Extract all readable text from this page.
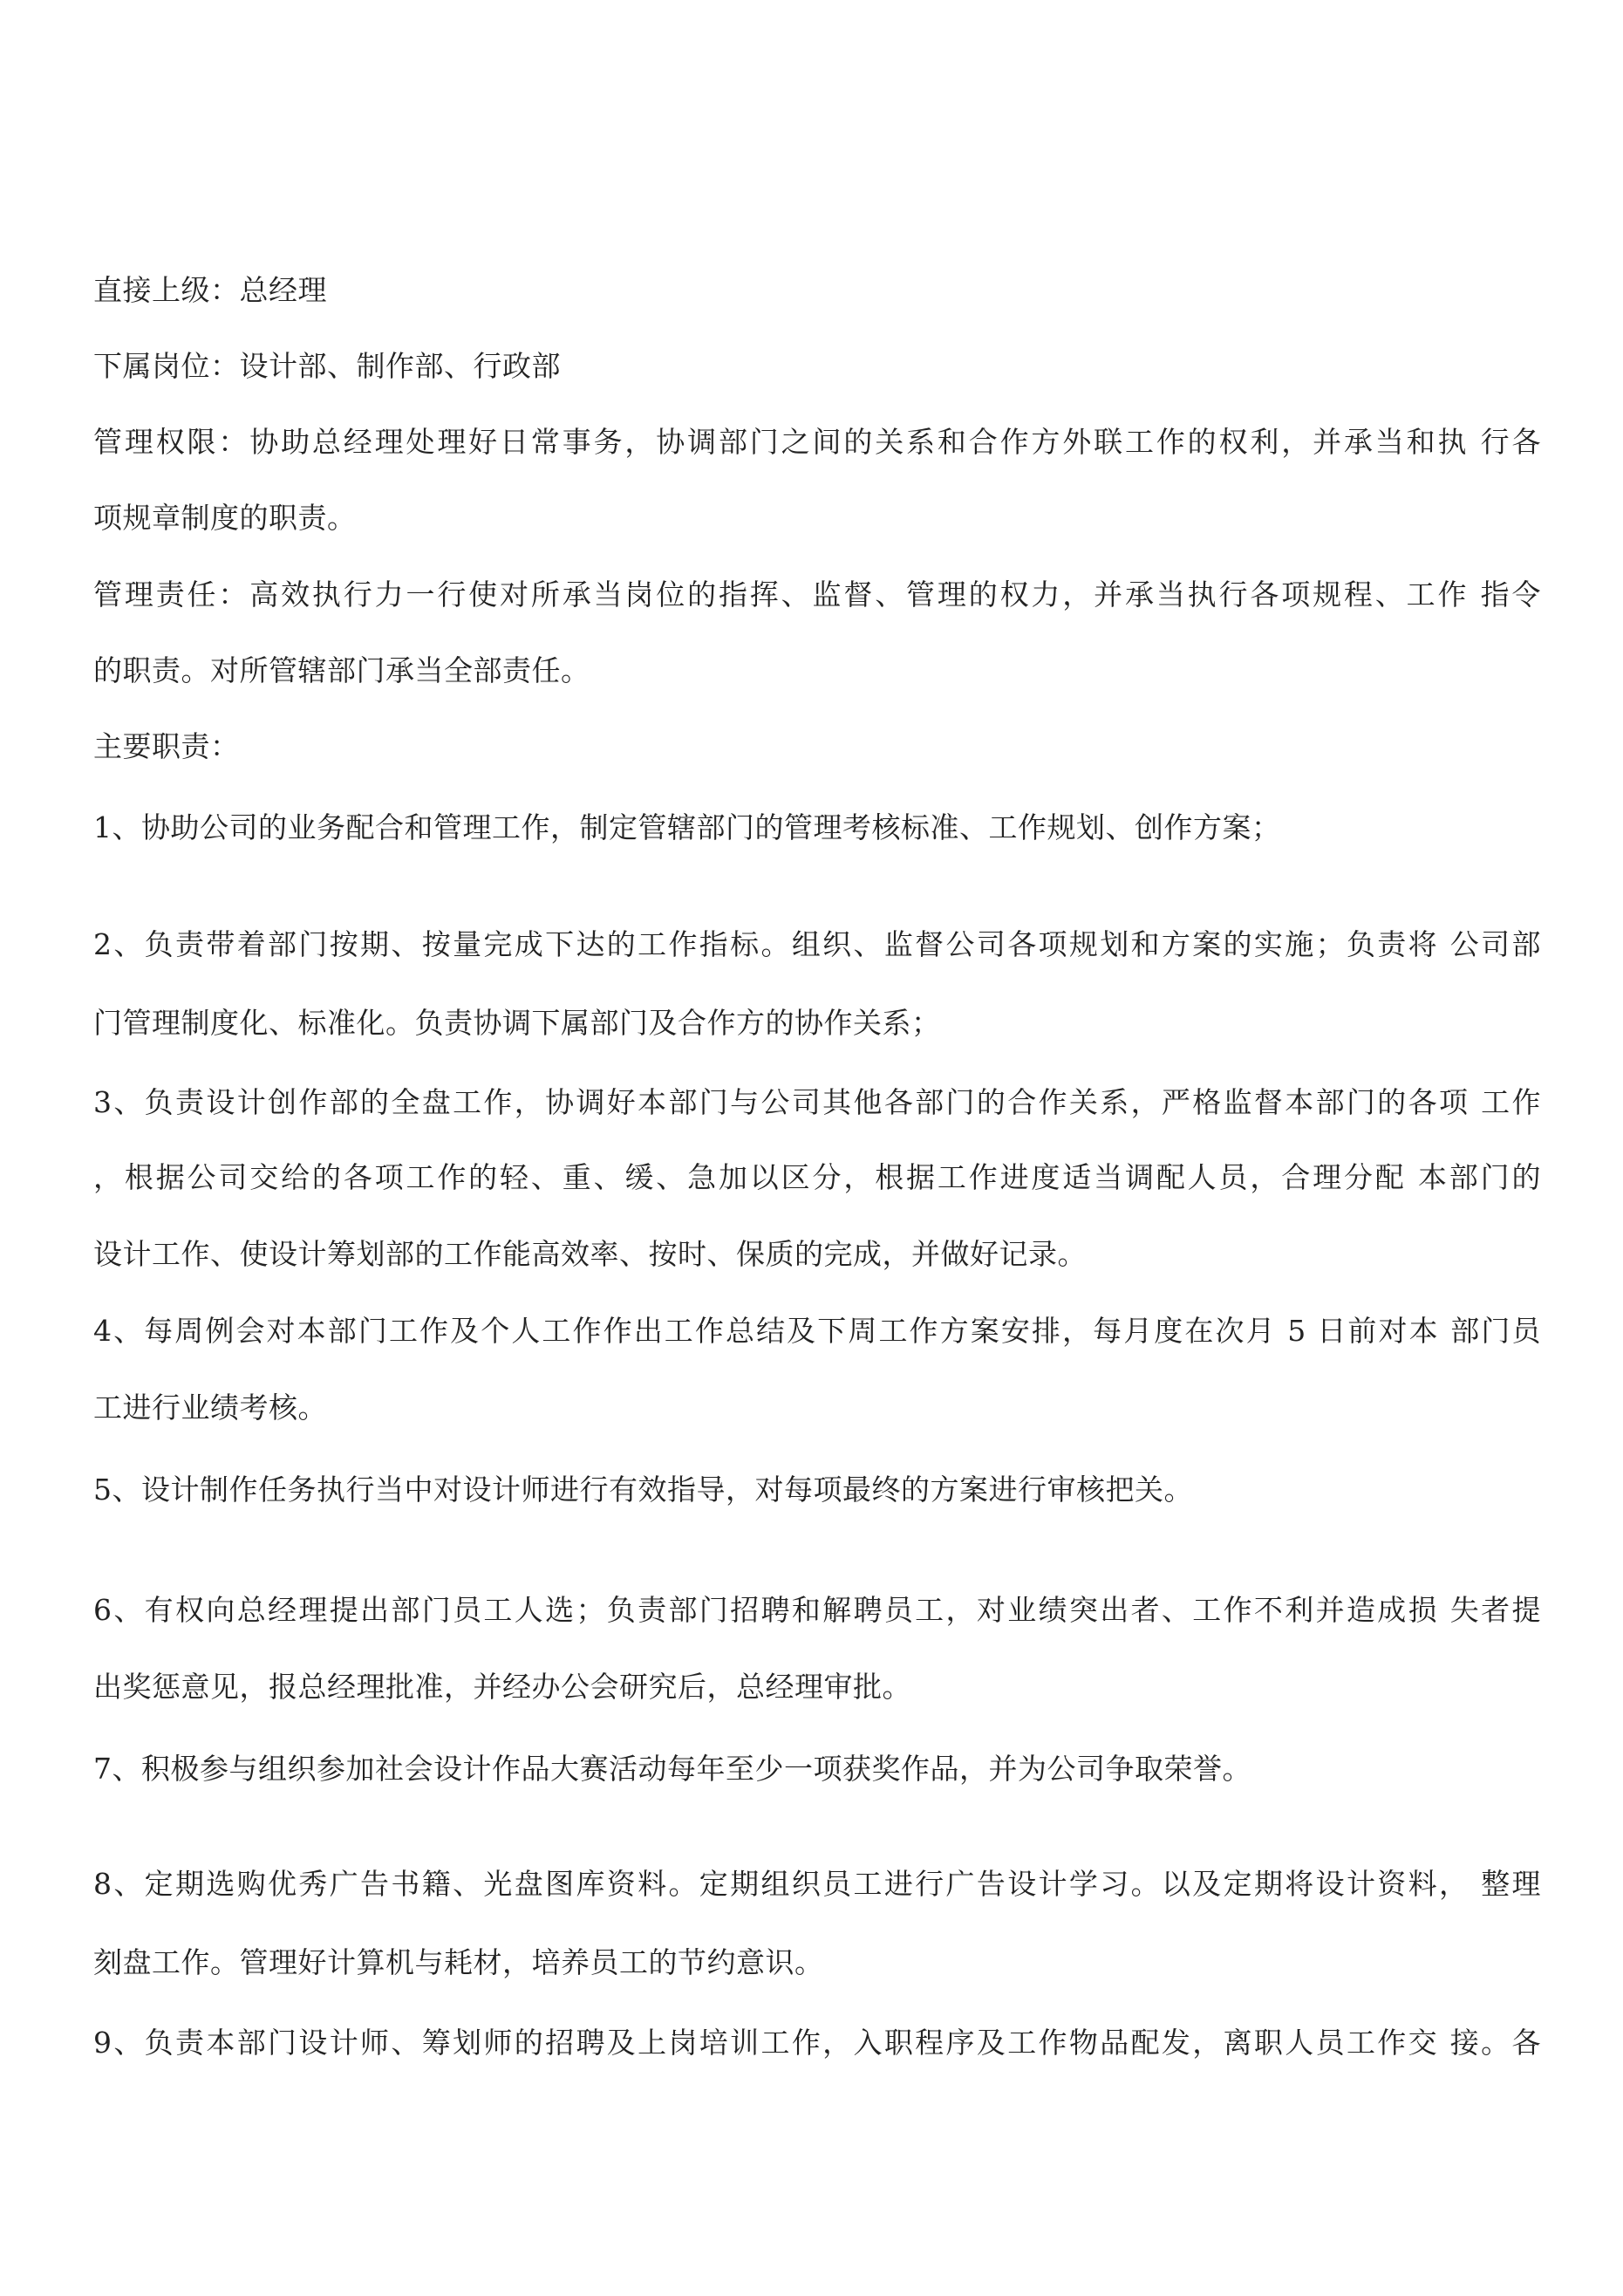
直接上级：总经理
下属岗位：设计部、制作部、行政部
管理权限：协助总经理处理好日常事务，协调部门之间的关系和合作方外联工作的权利，并承当和执 行各
项规章制度的职责。
管理责任：高效执行力一行使对所承当岗位的指挥、监督、管理的权力，并承当执行各项规程、工作 指令
的职责。对所管辖部门承当全部责任。
主要职责：
1、协助公司的业务配合和管理工作，制定管辖部门的管理考核标准、工作规划、创作方案；
2、负责带着部门按期、按量完成下达的工作指标。组织、监督公司各项规划和方案的实施；负责将 公司部
门管理制度化、标准化。负责协调下属部门及合作方的协作关系；
3、负责设计创作部的全盘工作，协调好本部门与公司其他各部门的合作关系，严格监督本部门的各项 工作
，根据公司交给的各项工作的轻、重、缓、急加以区分，根据工作进度适当调配人员，合理分配 本部门的
设计工作、使设计筹划部的工作能高效率、按时、保质的完成，并做好记录。
4、每周例会对本部门工作及个人工作作出工作总结及下周工作方案安排，每月度在次月 5 日前对本 部门员
工进行业绩考核。
5、设计制作任务执行当中对设计师进行有效指导，对每项最终的方案进行审核把关。
6、有权向总经理提出部门员工人选；负责部门招聘和解聘员工，对业绩突出者、工作不利并造成损 失者提
出奖惩意见，报总经理批准，并经办公会研究后，总经理审批。
7、积极参与组织参加社会设计作品大赛活动每年至少一项获奖作品，并为公司争取荣誉。
8、定期选购优秀广告书籍、光盘图库资料。定期组织员工进行广告设计学习。以及定期将设计资料， 整理
刻盘工作。管理好计算机与耗材，培养员工的节约意识。
9、负责本部门设计师、筹划师的招聘及上岗培训工作，入职程序及工作物品配发，离职人员工作交 接。各
